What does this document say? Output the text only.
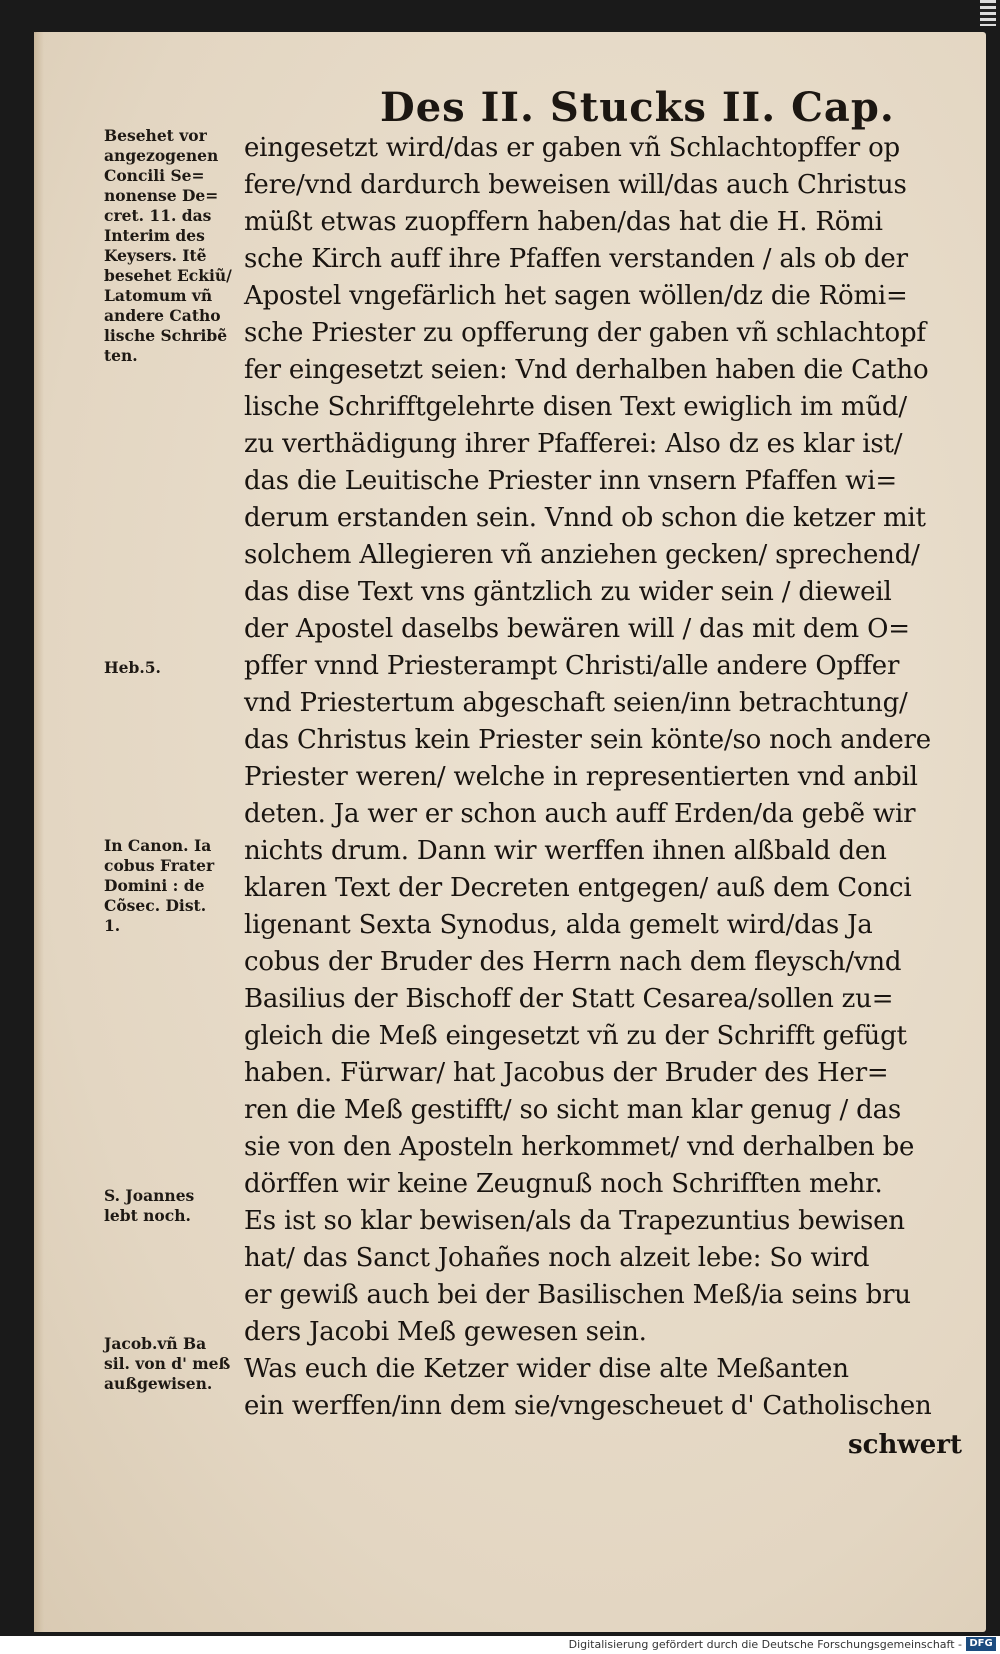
Des II. Stucks II. Cap.
Besehet vor
angezogenen
Concili Se=
nonense De=
cret. 11. das
Interim des
Keysers. Itẽ
besehet Eckiũ/
Latomum vñ
andere Catho
lische Schribẽ
ten.
Heb.5.
In Canon. Ia
cobus Frater
Domini : de
Cõsec. Dist.
1.
S. Joannes
lebt noch.
Jacob.vñ Ba
sil. von d' meß
außgewisen.
eingesetzt wird/das er gaben vñ Schlachtopffer op
fere/vnd dardurch beweisen will/das auch Christus
müßt etwas zuopffern haben/das hat die H. Römi
sche Kirch auff ihre Pfaffen verstanden / als ob der
Apostel vngefärlich het sagen wöllen/dz die Römi=
sche Priester zu opfferung der gaben vñ schlachtopf
fer eingesetzt seien: Vnd derhalben haben die Catho
lische Schrifftgelehrte disen Text ewiglich im mũd/
zu verthädigung ihrer Pfafferei: Also dz es klar ist/
das die Leuitische Priester inn vnsern Pfaffen wi=
derum erstanden sein. Vnnd ob schon die ketzer mit
solchem Allegieren vñ anziehen gecken/ sprechend/
das dise Text vns gäntzlich zu wider sein / dieweil
der Apostel daselbs bewären will / das mit dem O=
pffer vnnd Priesterampt Christi/alle andere Opffer
vnd Priestertum abgeschaft seien/inn betrachtung/
das Christus kein Priester sein könte/so noch andere
Priester weren/ welche in representierten vnd anbil
deten. Ja wer er schon auch auff Erden/da gebẽ wir
nichts drum. Dann wir werffen ihnen alßbald den
klaren Text der Decreten entgegen/ auß dem Conci
ligenant Sexta Synodus, alda gemelt wird/das Ja
cobus der Bruder des Herrn nach dem fleysch/vnd
Basilius der Bischoff der Statt Cesarea/sollen zu=
gleich die Meß eingesetzt vñ zu der Schrifft gefügt
haben. Fürwar/ hat Jacobus der Bruder des Her=
ren die Meß gestifft/ so sicht man klar genug / das
sie von den Aposteln herkommet/ vnd derhalben be
dörffen wir keine Zeugnuß noch Schrifften mehr.
Es ist so klar bewisen/als da Trapezuntius bewisen
hat/ das Sanct Johañes noch alzeit lebe: So wird
er gewiß auch bei der Basilischen Meß/ia seins bru
ders Jacobi Meß gewesen sein.
Was euch die Ketzer wider dise alte Meßanten
ein werffen/inn dem sie/vngescheuet d' Catholischen
schwert
Digitalisierung gefördert durch die Deutsche Forschungsgemeinschaft - DFG
